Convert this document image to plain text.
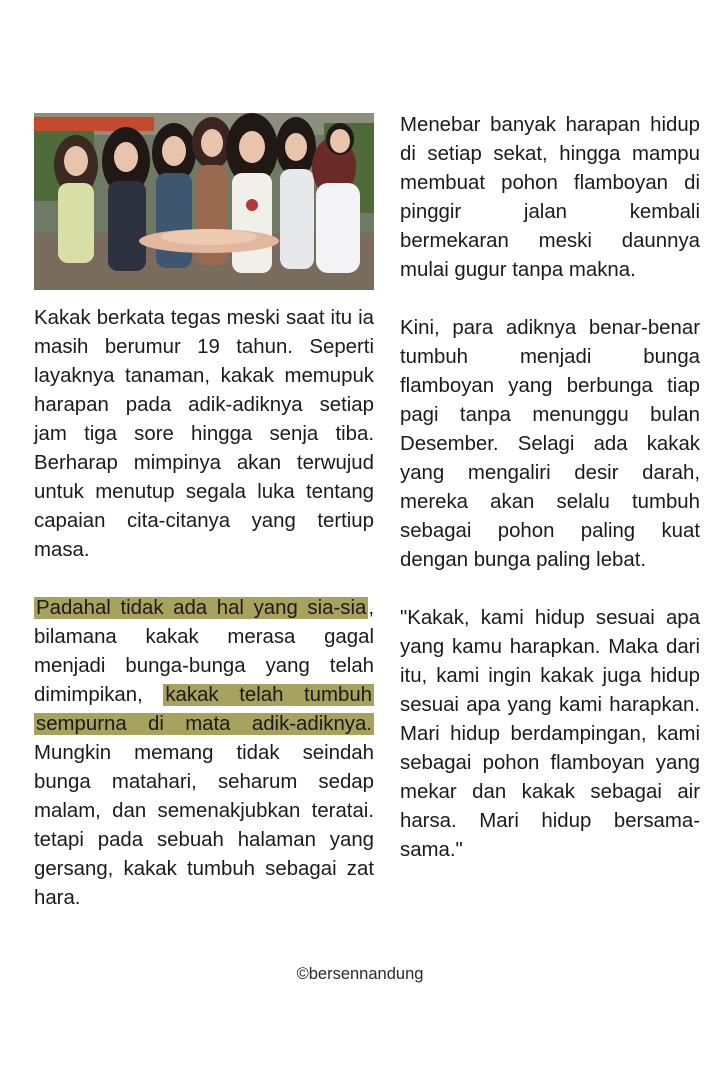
Kakak berkata tegas meski saat itu ia masih berumur 19 tahun. Seperti layaknya tanaman, kakak memupuk harapan pada adik-adiknya setiap jam tiga sore hingga senja tiba. Berharap mimpinya akan terwujud untuk menutup segala luka tentang capaian cita-citanya yang tertiup masa.

Padahal tidak ada hal yang sia-sia, bilamana kakak merasa gagal menjadi bunga-bunga yang telah dimimpikan, kakak telah tumbuh sempurna di mata adik-adiknya. Mungkin memang tidak seindah bunga matahari, seharum sedap malam, dan semenakjubkan teratai. tetapi pada sebuah halaman yang gersang, kakak tumbuh sebagai zat hara.

Menebar banyak harapan hidup di setiap sekat, hingga mampu membuat pohon flamboyan di pinggir jalan kembali bermekaran meski daunnya mulai gugur tanpa makna.

Kini, para adiknya benar-benar tumbuh menjadi bunga flamboyan yang berbunga tiap pagi tanpa menunggu bulan Desember. Selagi ada kakak yang mengaliri desir darah, mereka akan selalu tumbuh sebagai pohon paling kuat dengan bunga paling lebat.

"Kakak, kami hidup sesuai apa yang kamu harapkan. Maka dari itu, kami ingin kakak juga hidup sesuai apa yang kami harapkan. Mari hidup berdampingan, kami sebagai pohon flamboyan yang mekar dan kakak sebagai air harsa. Mari hidup bersama-sama."

©bersennandung
